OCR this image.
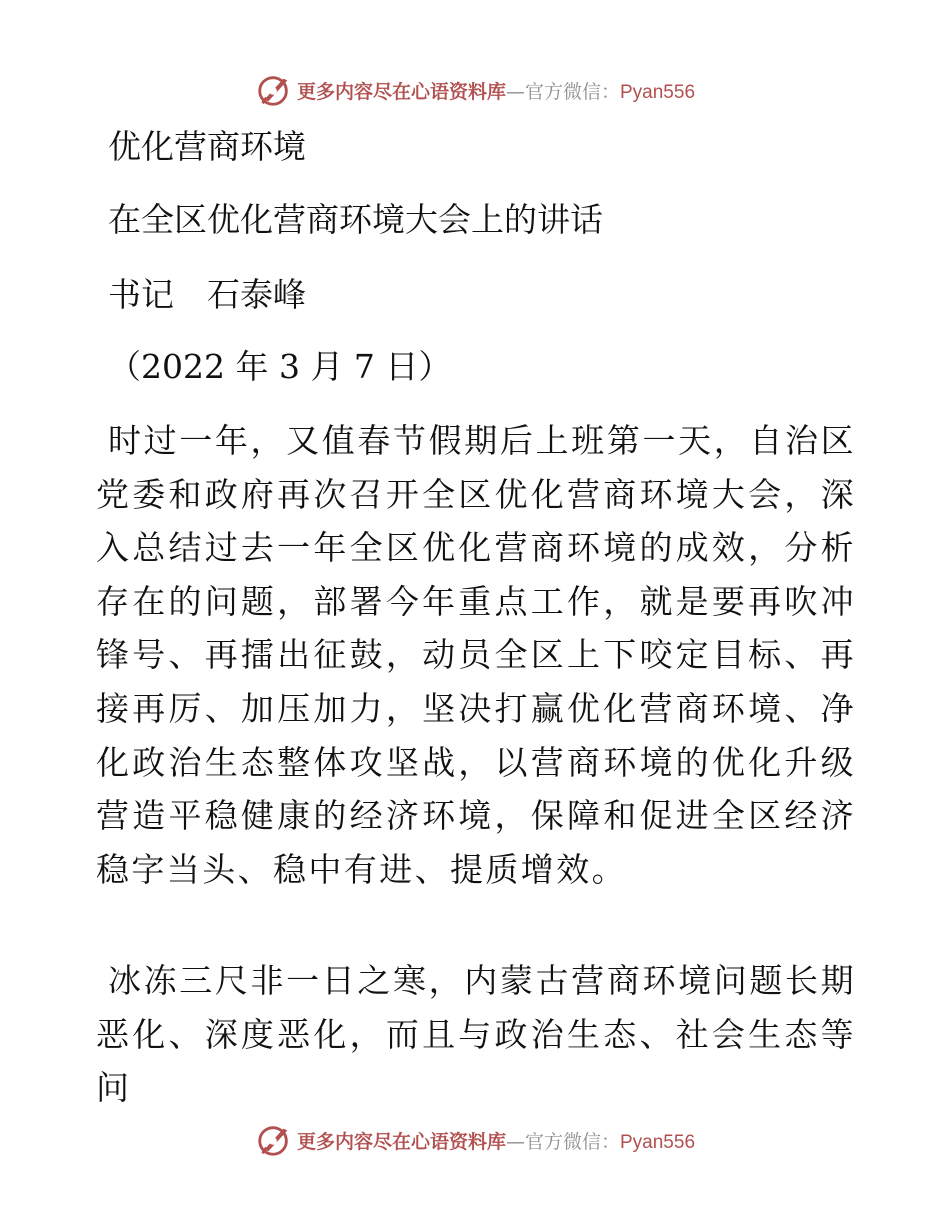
更多内容尽在心语资料库—官方微信：Pyan556
优化营商环境
在全区优化营商环境大会上的讲话
书记　石泰峰
（2022 年 3 月 7 日）

时过一年，又值春节假期后上班第一天，自治区党委和政府再次召开全区优化营商环境大会，深入总结过去一年全区优化营商环境的成效，分析存在的问题，部署今年重点工作，就是要再吹冲锋号、再擂出征鼓，动员全区上下咬定目标、再接再厉、加压加力，坚决打赢优化营商环境、净化政治生态整体攻坚战，以营商环境的优化升级营造平稳健康的经济环境，保障和促进全区经济稳字当头、稳中有进、提质增效。

冰冻三尺非一日之寒，内蒙古营商环境问题长期恶化、深度恶化，而且与政治生态、社会生态等问

更多内容尽在心语资料库—官方微信：Pyan556
